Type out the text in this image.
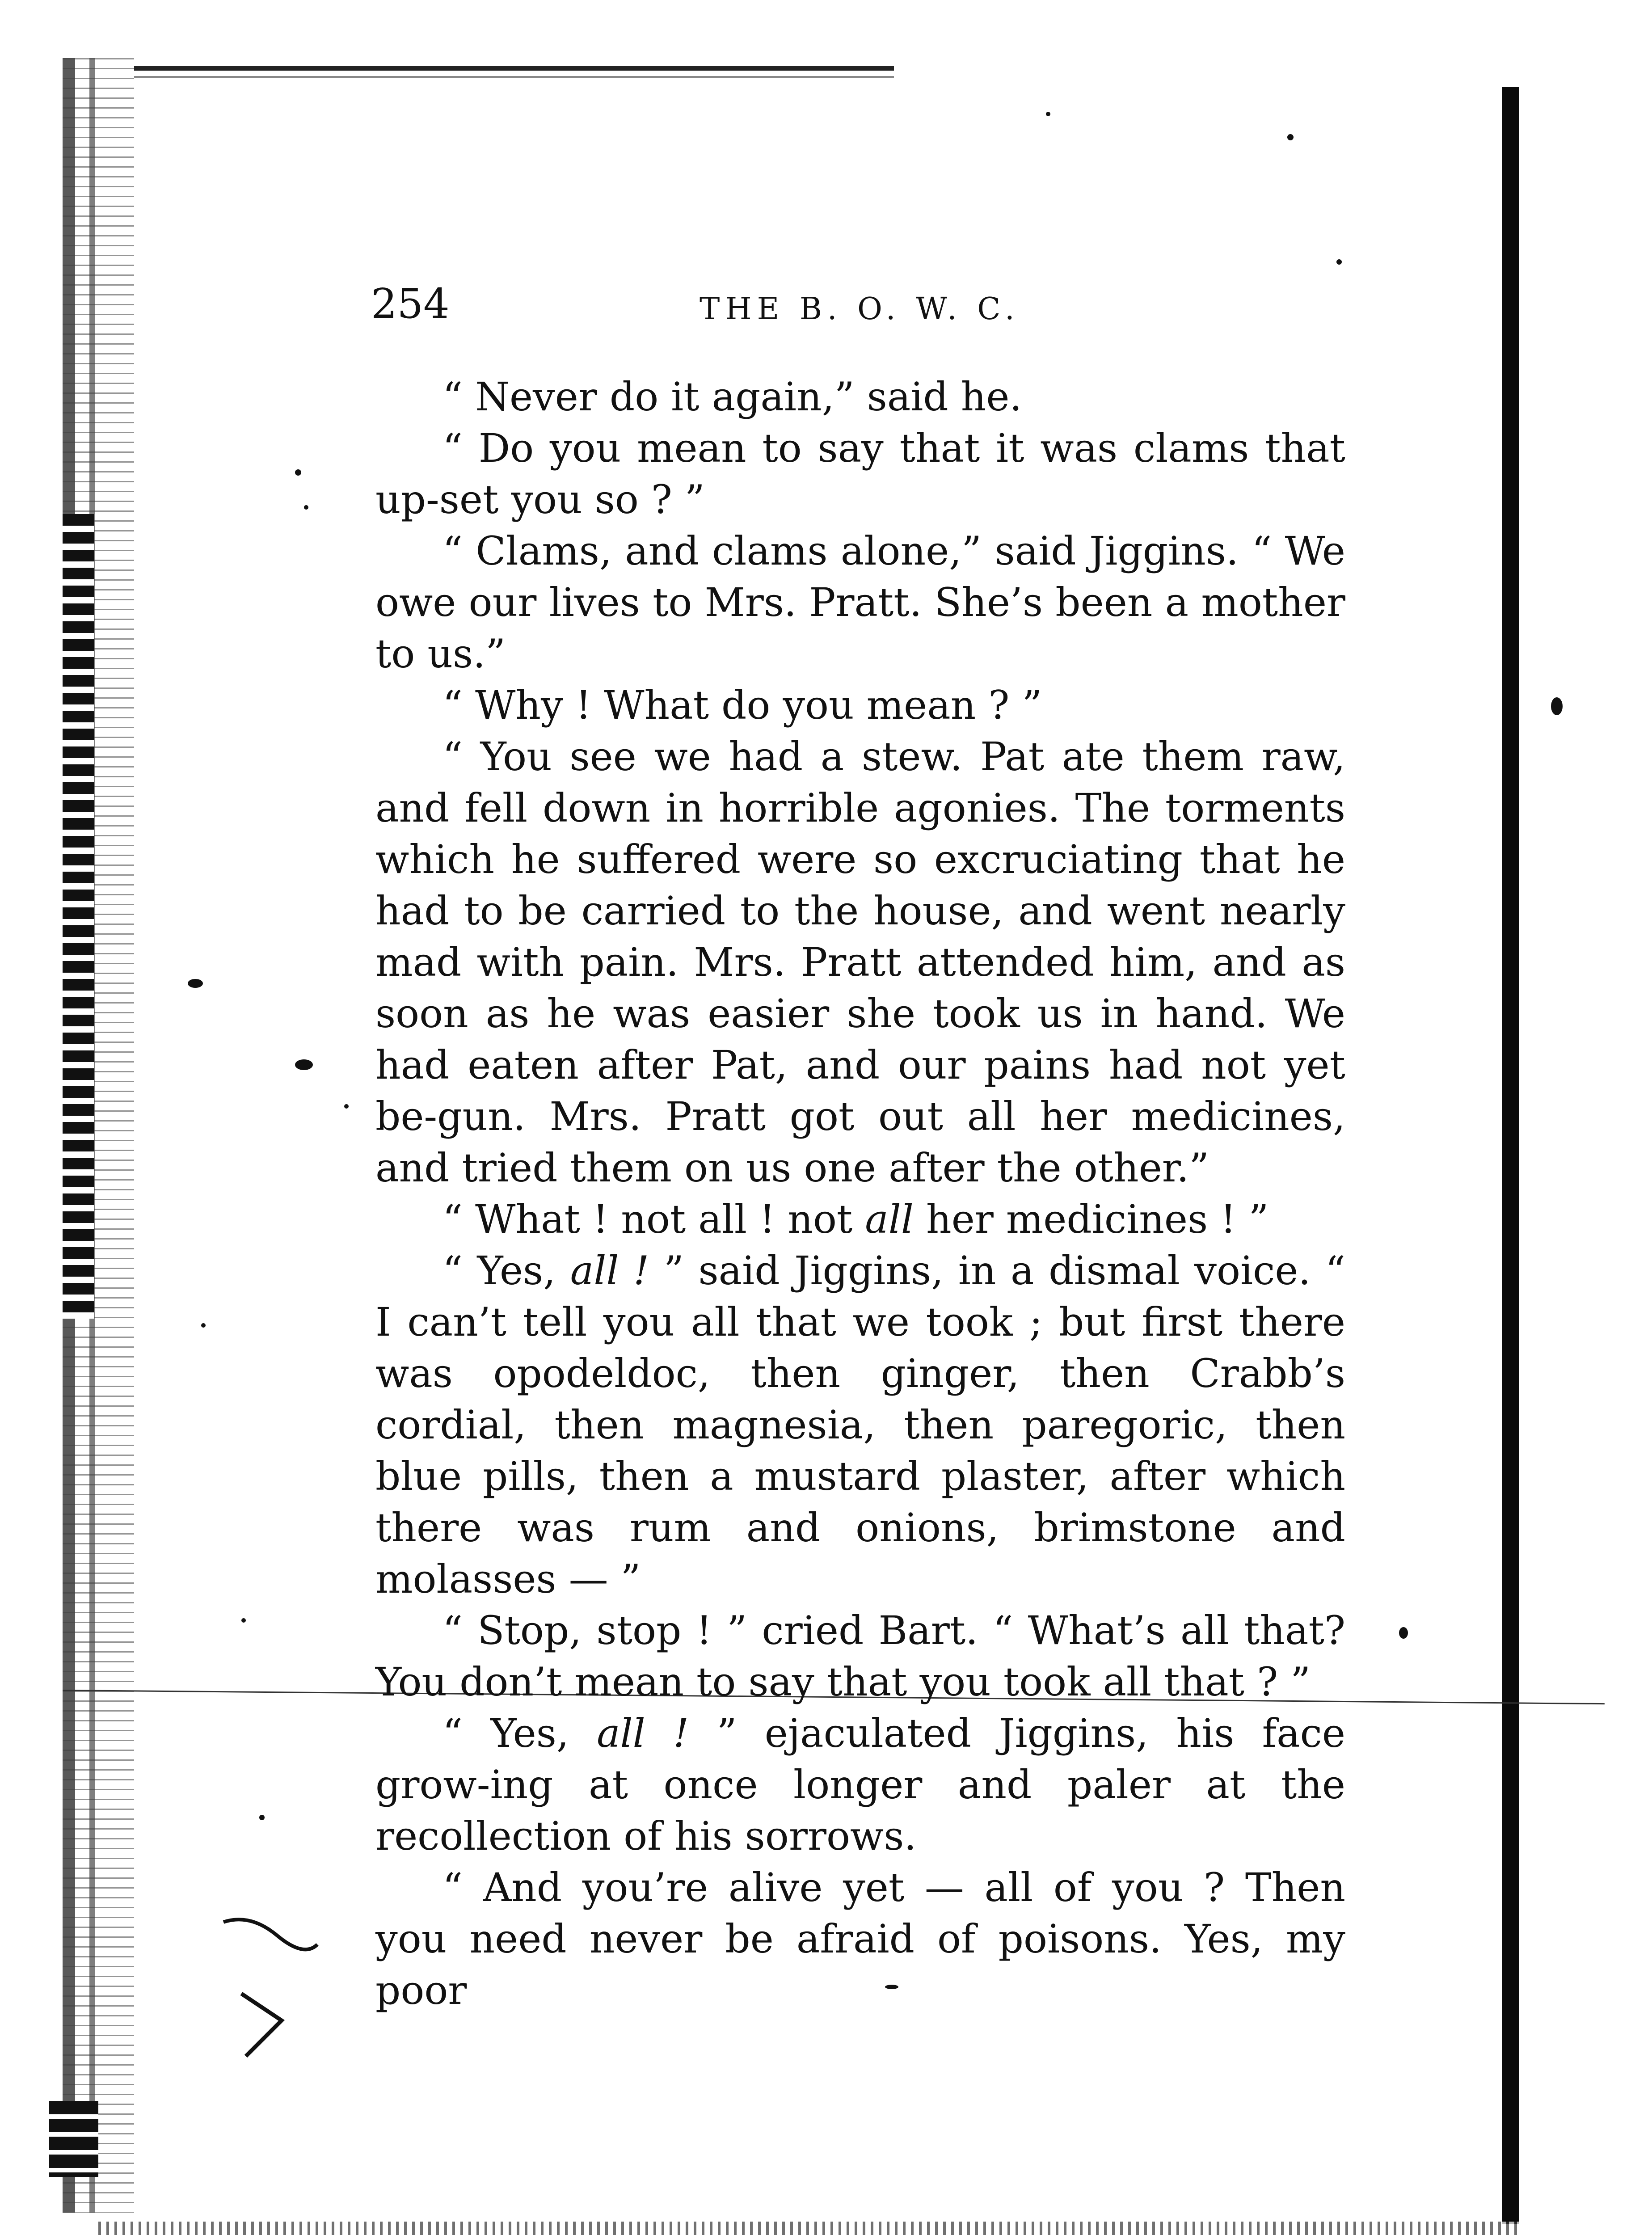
254	THE B. O. W. C.

“ Never do it again,” said he.

“ Do you mean to say that it was clams that up-set you so ? ”

“ Clams, and clams alone,” said Jiggins. “ We owe our lives to Mrs. Pratt. She’s been a mother to us.”

“ Why ! What do you mean ? ”

“ You see we had a stew. Pat ate them raw, and fell down in horrible agonies. The torments which he suffered were so excruciating that he had to be carried to the house, and went nearly mad with pain. Mrs. Pratt attended him, and as soon as he was easier she took us in hand. We had eaten after Pat, and our pains had not yet be-gun. Mrs. Pratt got out all her medicines, and tried them on us one after the other.”

“ What ! not all ! not all her medicines ! ”

“ Yes, all ! ” said Jiggins, in a dismal voice. “ I can’t tell you all that we took ; but first there was opodeldoc, then ginger, then Crabb’s cordial, then magnesia, then paregoric, then blue pills, then a mustard plaster, after which there was rum and onions, brimstone and molasses — ”

“ Stop, stop ! ” cried Bart. “ What’s all that? You don’t mean to say that you took all that ? ”

“ Yes, all ! ” ejaculated Jiggins, his face grow-ing at once longer and paler at the recollection of his sorrows.

“ And you’re alive yet — all of you ? Then you need never be afraid of poisons. Yes, my poor
